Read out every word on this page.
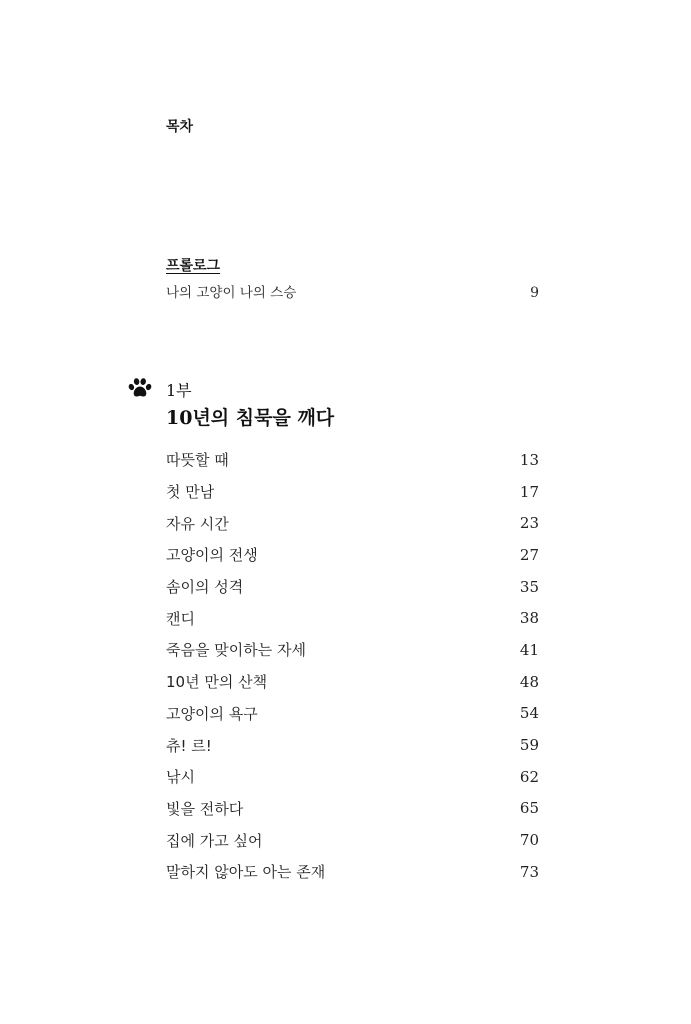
목차
프롤로그
나의 고양이 나의 스승	9
1부
10년의 침묵을 깨다
따뜻할 때	13
첫 만남	17
자유 시간	23
고양이의 전생	27
솜이의 성격	35
캔디	38
죽음을 맞이하는 자세	41
10년 만의 산책	48
고양이의 욕구	54
츄! 르!	59
낚시	62
빛을 전하다	65
집에 가고 싶어	70
말하지 않아도 아는 존재	73
